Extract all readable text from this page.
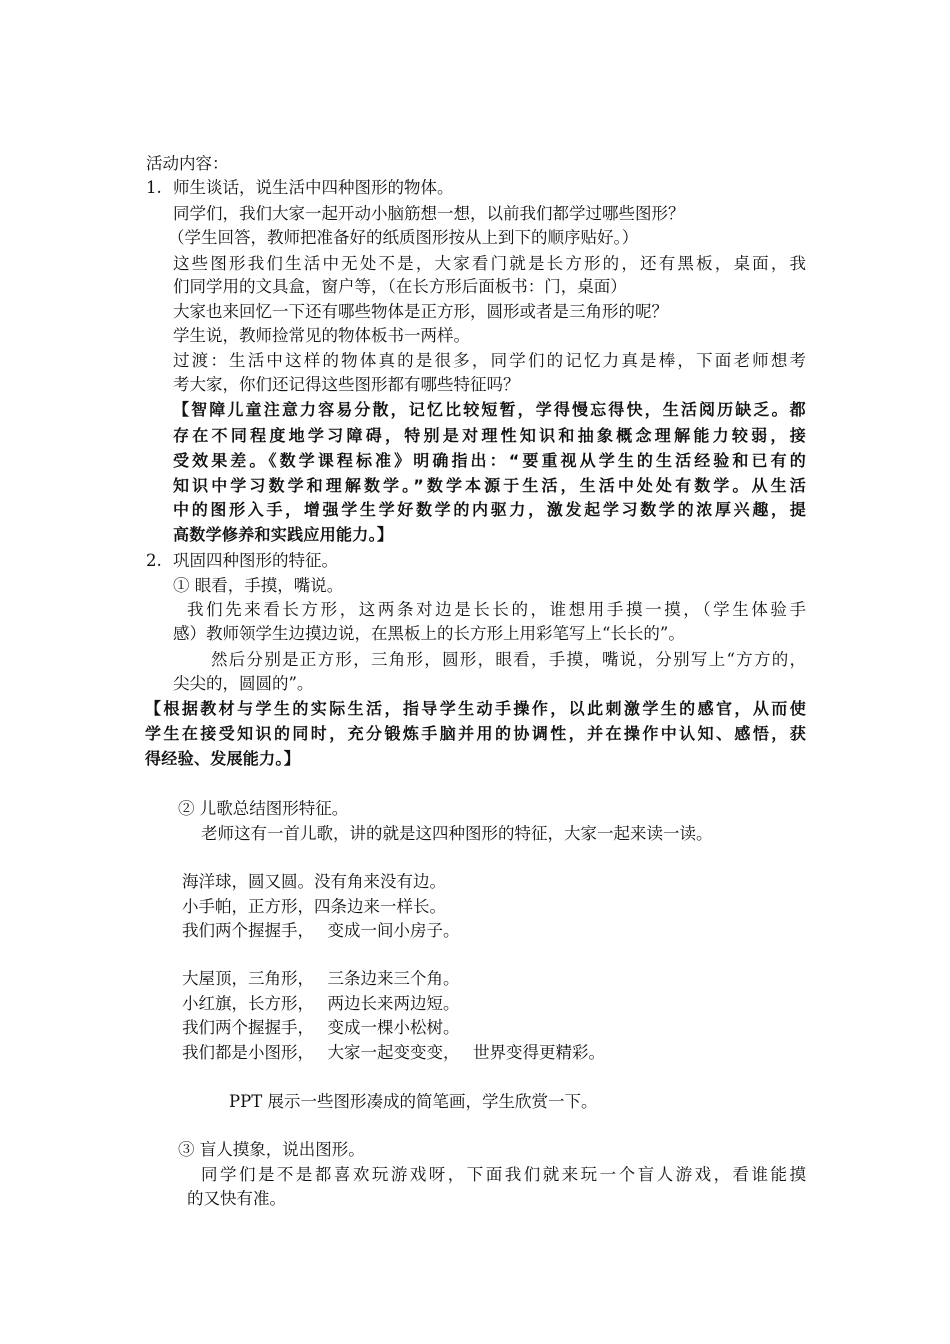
活动内容：
1. 师生谈话，说生活中四种图形的物体。
同学们，我们大家一起开动小脑筋想一想，以前我们都学过哪些图形？
（学生回答，教师把准备好的纸质图形按从上到下的顺序贴好。）
这些图形我们生活中无处不是，大家看门就是长方形的，还有黑板，桌面，我
们同学用的文具盒，窗户等，（在长方形后面板书：门，桌面）
大家也来回忆一下还有哪些物体是正方形，圆形或者是三角形的呢？
学生说，教师捡常见的物体板书一两样。
过渡：生活中这样的物体真的是很多，同学们的记忆力真是棒，下面老师想考
考大家，你们还记得这些图形都有哪些特征吗？
【智障儿童注意力容易分散，记忆比较短暂，学得慢忘得快，生活阅历缺乏。都
存在不同程度地学习障碍，特别是对理性知识和抽象概念理解能力较弱，接
受效果差。《数学课程标准》明确指出：“要重视从学生的生活经验和已有的
知识中学习数学和理解数学。”数学本源于生活，生活中处处有数学。从生活
中的图形入手，增强学生学好数学的内驱力，激发起学习数学的浓厚兴趣，提
高数学修养和实践应用能力。】
2. 巩固四种图形的特征。
① 眼看，手摸，嘴说。
我们先来看长方形，这两条对边是长长的，谁想用手摸一摸，（学生体验手
感）教师领学生边摸边说，在黑板上的长方形上用彩笔写上“长长的”。
然后分别是正方形，三角形，圆形，眼看，手摸，嘴说，分别写上“方方的，
尖尖的，圆圆的”。
【根据教材与学生的实际生活，指导学生动手操作，以此刺激学生的感官，从而使
学生在接受知识的同时，充分锻炼手脑并用的协调性，并在操作中认知、感悟，获
得经验、发展能力。】
② 儿歌总结图形特征。
老师这有一首儿歌，讲的就是这四种图形的特征，大家一起来读一读。
海洋球，圆又圆。没有角来没有边。
小手帕，正方形，四条边来一样长。
我们两个握握手，　 变成一间小房子。
大屋顶，三角形，　 三条边来三个角。
小红旗，长方形，　 两边长来两边短。
我们两个握握手，　 变成一棵小松树。
我们都是小图形，　 大家一起变变变，　 世界变得更精彩。
PPT 展示一些图形凑成的简笔画，学生欣赏一下。
③ 盲人摸象，说出图形。
同学们是不是都喜欢玩游戏呀，下面我们就来玩一个盲人游戏，看谁能摸
的又快有准。
